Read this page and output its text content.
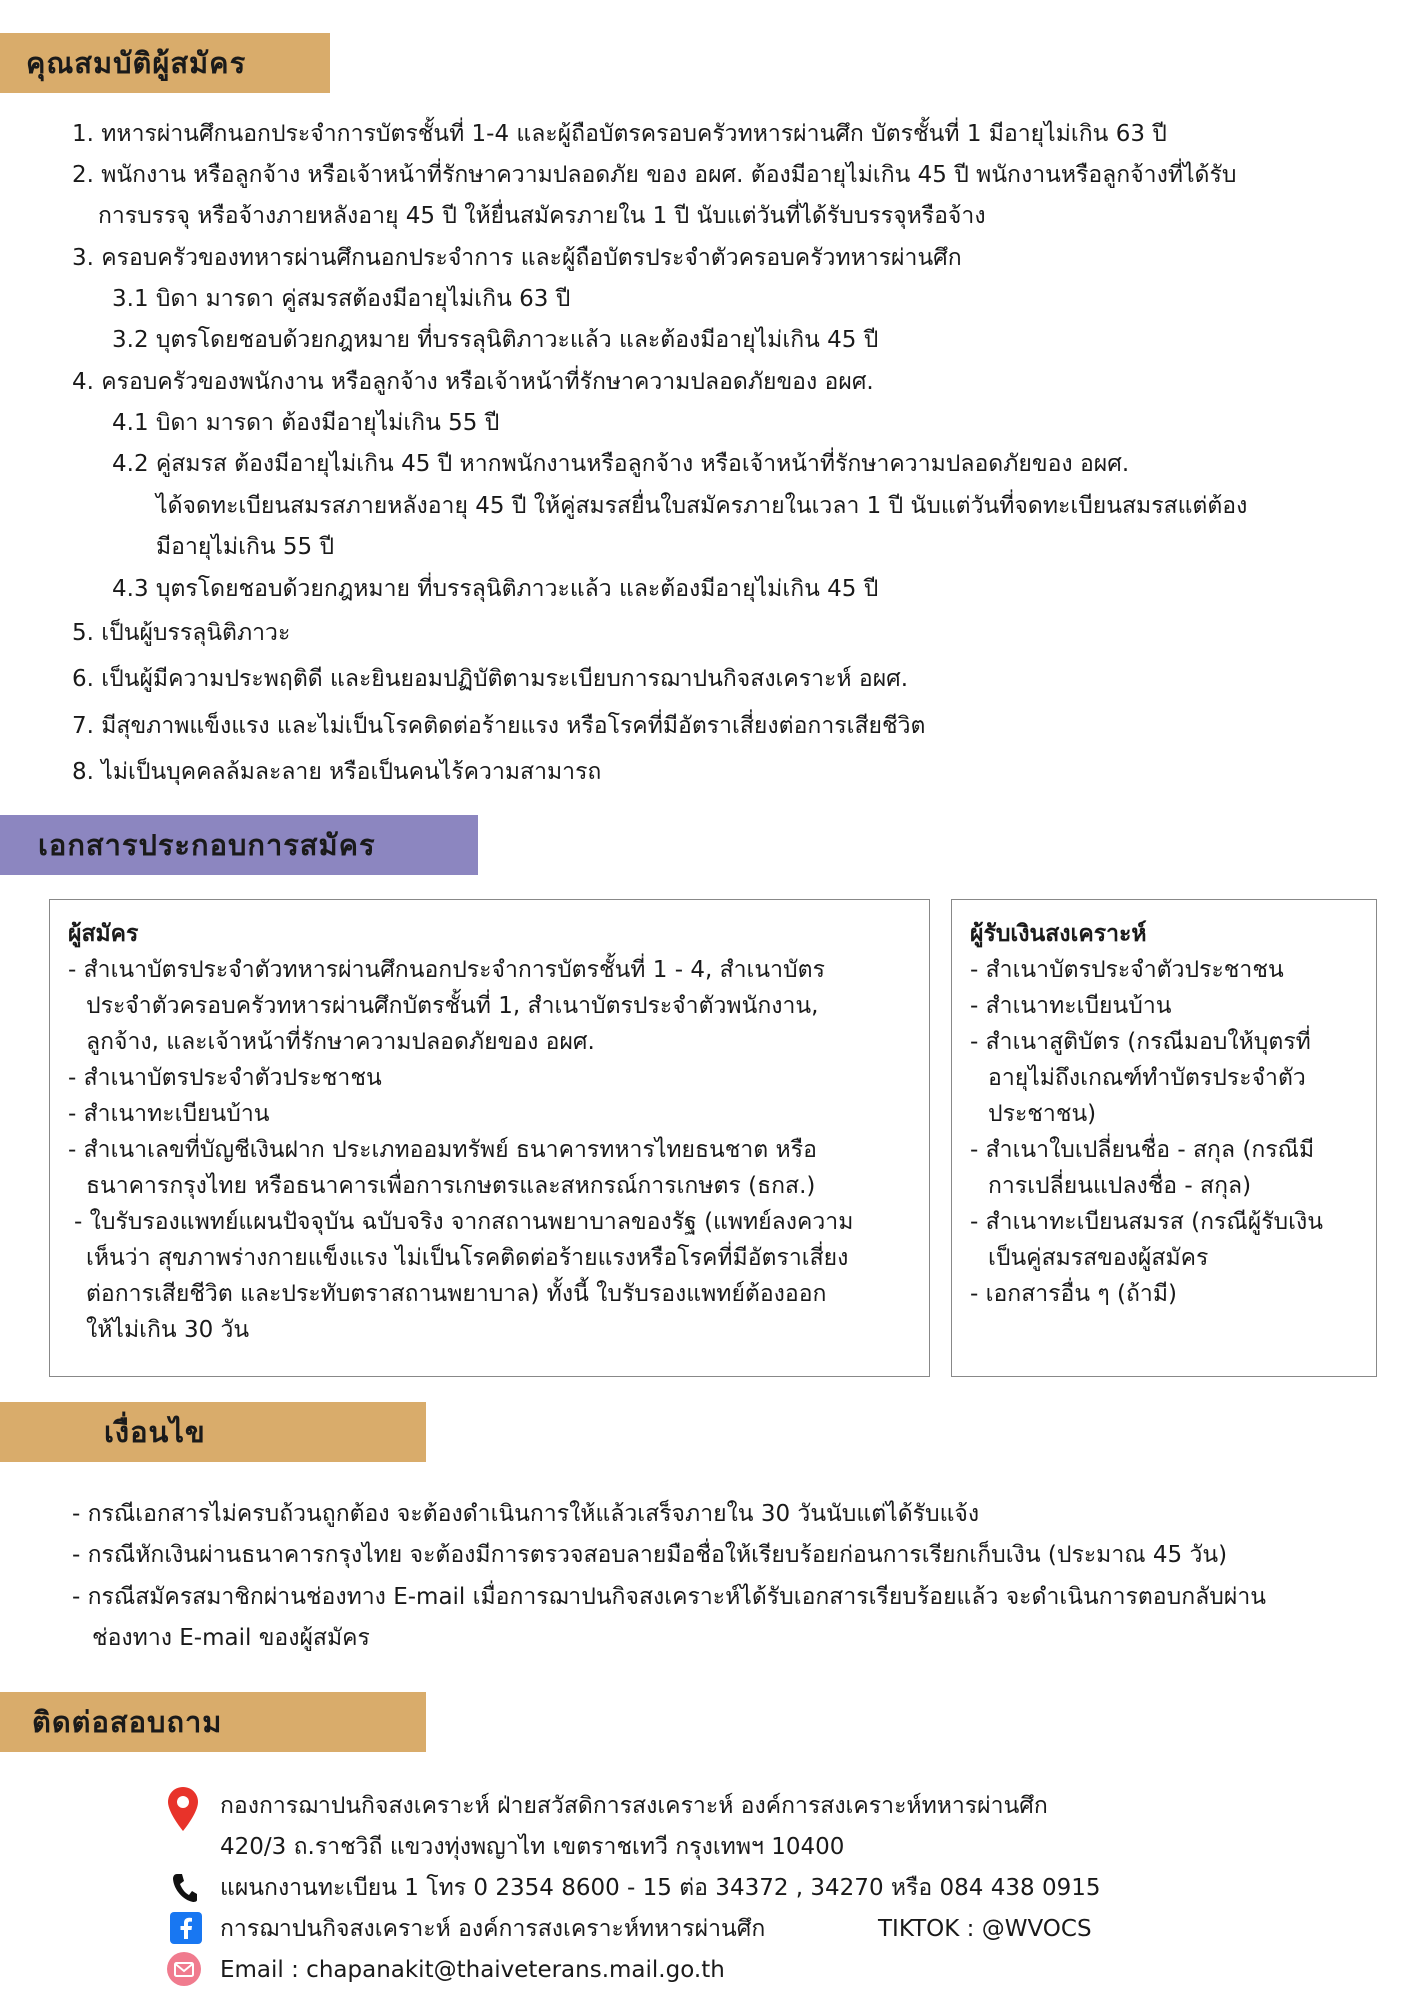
คุณสมบัติผู้สมัคร
1. ทหารผ่านศึกนอกประจำการบัตรชั้นที่ 1-4 และผู้ถือบัตรครอบครัวทหารผ่านศึก บัตรชั้นที่ 1 มีอายุไม่เกิน 63 ปี
2. พนักงาน หรือลูกจ้าง หรือเจ้าหน้าที่รักษาความปลอดภัย ของ อผศ. ต้องมีอายุไม่เกิน 45 ปี พนักงานหรือลูกจ้างที่ได้รับ
การบรรจุ หรือจ้างภายหลังอายุ 45 ปี ให้ยื่นสมัครภายใน 1 ปี นับแต่วันที่ได้รับบรรจุหรือจ้าง
3. ครอบครัวของทหารผ่านศึกนอกประจำการ และผู้ถือบัตรประจำตัวครอบครัวทหารผ่านศึก
3.1 บิดา มารดา คู่สมรสต้องมีอายุไม่เกิน 63 ปี
3.2 บุตรโดยชอบด้วยกฎหมาย ที่บรรลุนิติภาวะแล้ว และต้องมีอายุไม่เกิน 45 ปี
4. ครอบครัวของพนักงาน หรือลูกจ้าง หรือเจ้าหน้าที่รักษาความปลอดภัยของ อผศ.
4.1 บิดา มารดา ต้องมีอายุไม่เกิน 55 ปี
4.2 คู่สมรส ต้องมีอายุไม่เกิน 45 ปี หากพนักงานหรือลูกจ้าง หรือเจ้าหน้าที่รักษาความปลอดภัยของ อผศ.
ได้จดทะเบียนสมรสภายหลังอายุ 45 ปี ให้คู่สมรสยื่นใบสมัครภายในเวลา 1 ปี นับแต่วันที่จดทะเบียนสมรสแต่ต้อง
มีอายุไม่เกิน 55 ปี
4.3 บุตรโดยชอบด้วยกฎหมาย ที่บรรลุนิติภาวะแล้ว และต้องมีอายุไม่เกิน 45 ปี
5. เป็นผู้บรรลุนิติภาวะ
6. เป็นผู้มีความประพฤติดี และยินยอมปฏิบัติตามระเบียบการฌาปนกิจสงเคราะห์ อผศ.
7. มีสุขภาพแข็งแรง และไม่เป็นโรคติดต่อร้ายแรง หรือโรคที่มีอัตราเสี่ยงต่อการเสียชีวิต
8. ไม่เป็นบุคคลล้มละลาย หรือเป็นคนไร้ความสามารถ
เอกสารประกอบการสมัคร
ผู้สมัคร
- สำเนาบัตรประจำตัวทหารผ่านศึกนอกประจำการบัตรชั้นที่ 1 - 4, สำเนาบัตร
ประจำตัวครอบครัวทหารผ่านศึกบัตรชั้นที่ 1, สำเนาบัตรประจำตัวพนักงาน,
ลูกจ้าง, และเจ้าหน้าที่รักษาความปลอดภัยของ อผศ.
- สำเนาบัตรประจำตัวประชาชน
- สำเนาทะเบียนบ้าน
- สำเนาเลขที่บัญชีเงินฝาก ประเภทออมทรัพย์ ธนาคารทหารไทยธนชาต หรือ
ธนาคารกรุงไทย หรือธนาคารเพื่อการเกษตรและสหกรณ์การเกษตร (ธกส.)
- ใบรับรองแพทย์แผนปัจจุบัน ฉบับจริง จากสถานพยาบาลของรัฐ (แพทย์ลงความ
เห็นว่า สุขภาพร่างกายแข็งแรง ไม่เป็นโรคติดต่อร้ายแรงหรือโรคที่มีอัตราเสี่ยง
ต่อการเสียชีวิต และประทับตราสถานพยาบาล) ทั้งนี้ ใบรับรองแพทย์ต้องออก
ให้ไม่เกิน 30 วัน
ผู้รับเงินสงเคราะห์
- สำเนาบัตรประจำตัวประชาชน
- สำเนาทะเบียนบ้าน
- สำเนาสูติบัตร (กรณีมอบให้บุตรที่
อายุไม่ถึงเกณฑ์ทำบัตรประจำตัว
ประชาชน)
- สำเนาใบเปลี่ยนชื่อ - สกุล (กรณีมี
การเปลี่ยนแปลงชื่อ - สกุล)
- สำเนาทะเบียนสมรส (กรณีผู้รับเงิน
เป็นคู่สมรสของผู้สมัคร
- เอกสารอื่น ๆ (ถ้ามี)
เงื่อนไข
- กรณีเอกสารไม่ครบถ้วนถูกต้อง จะต้องดำเนินการให้แล้วเสร็จภายใน 30 วันนับแต่ได้รับแจ้ง
- กรณีหักเงินผ่านธนาคารกรุงไทย จะต้องมีการตรวจสอบลายมือชื่อให้เรียบร้อยก่อนการเรียกเก็บเงิน (ประมาณ 45 วัน)
- กรณีสมัครสมาชิกผ่านช่องทาง E-mail เมื่อการฌาปนกิจสงเคราะห์ได้รับเอกสารเรียบร้อยแล้ว จะดำเนินการตอบกลับผ่าน
ช่องทาง E-mail ของผู้สมัคร
ติดต่อสอบถาม
กองการฌาปนกิจสงเคราะห์ ฝ่ายสวัสดิการสงเคราะห์ องค์การสงเคราะห์ทหารผ่านศึก
420/3 ถ.ราชวิถี แขวงทุ่งพญาไท เขตราชเทวี กรุงเทพฯ 10400
แผนกงานทะเบียน 1 โทร 0 2354 8600 - 15 ต่อ 34372 , 34270 หรือ 084 438 0915
การฌาปนกิจสงเคราะห์ องค์การสงเคราะห์ทหารผ่านศึก	TIKTOK : @WVOCS
Email : chapanakit@thaiveterans.mail.go.th
